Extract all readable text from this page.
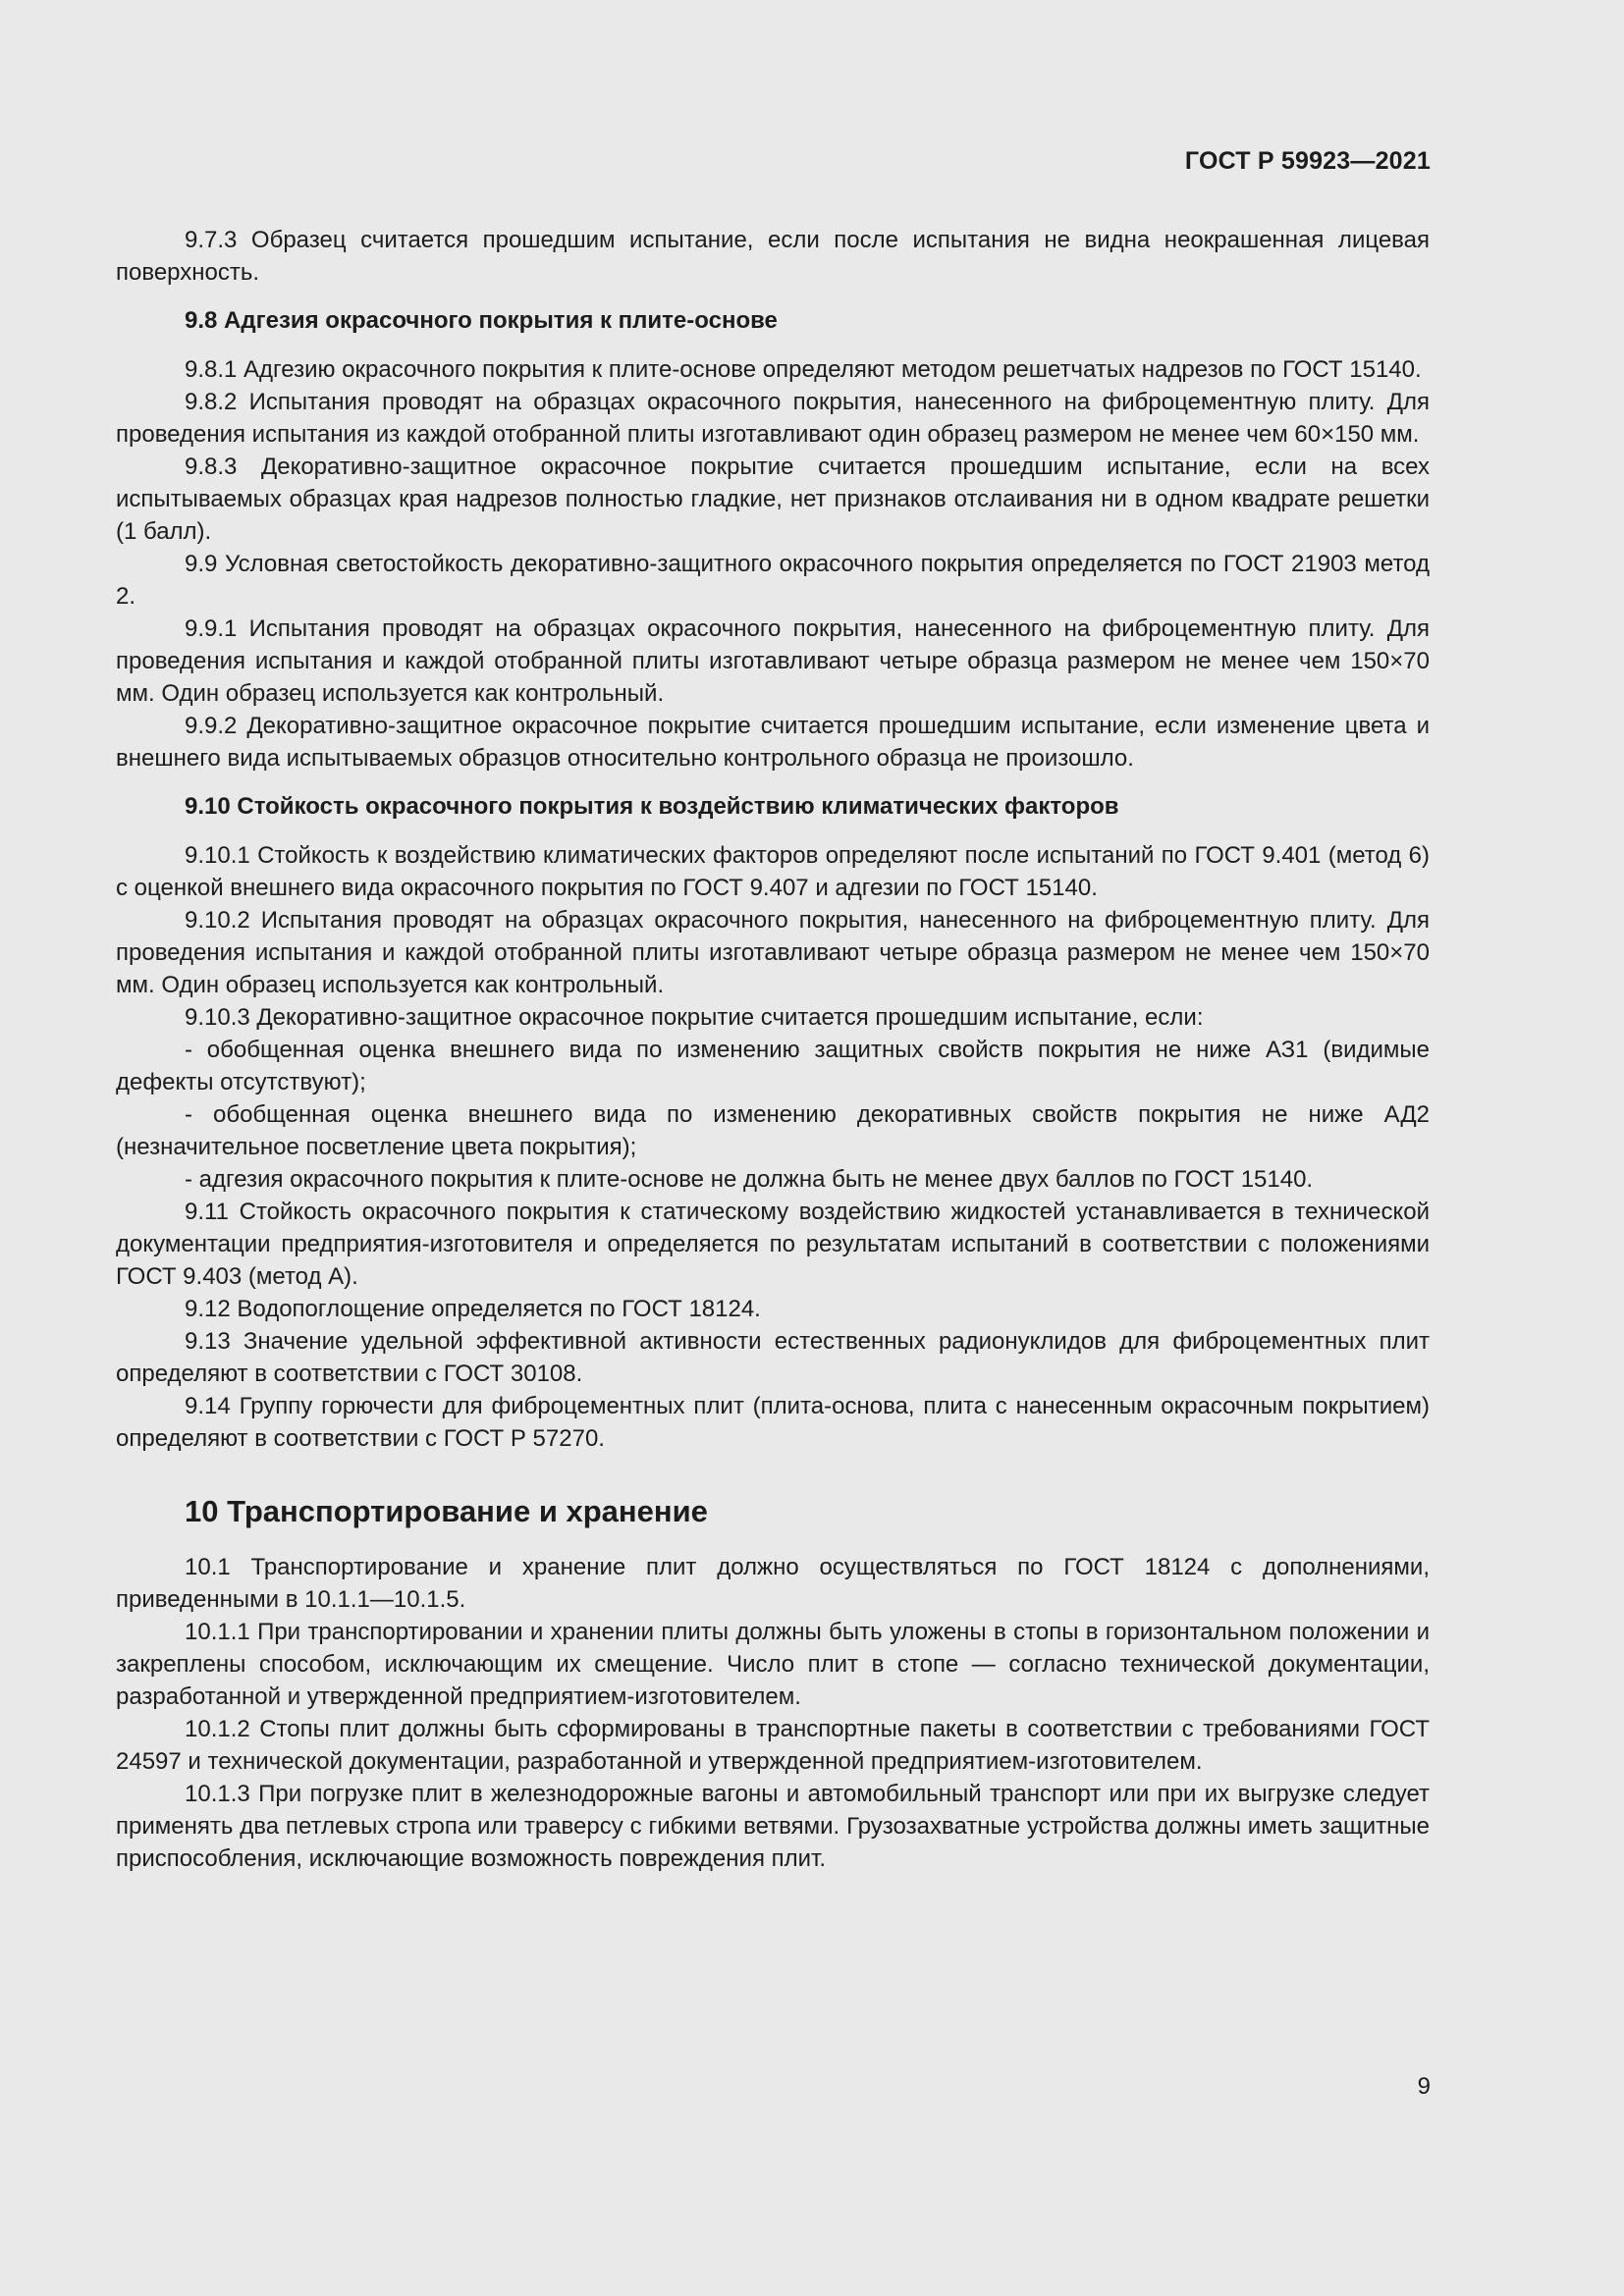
ГОСТ Р 59923—2021

9.7.3 Образец считается прошедшим испытание, если после испытания не видна неокрашенная лицевая поверхность.

9.8 Адгезия окрасочного покрытия к плите-основе

9.8.1 Адгезию окрасочного покрытия к плите-основе определяют методом решетчатых надрезов по ГОСТ 15140.

9.8.2 Испытания проводят на образцах окрасочного покрытия, нанесенного на фиброцементную плиту. Для проведения испытания из каждой отобранной плиты изготавливают один образец размером не менее чем 60×150 мм.

9.8.3 Декоративно-защитное окрасочное покрытие считается прошедшим испытание, если на всех испытываемых образцах края надрезов полностью гладкие, нет признаков отслаивания ни в одном квадрате решетки (1 балл).

9.9 Условная светостойкость декоративно-защитного окрасочного покрытия определяется по ГОСТ 21903 метод 2.

9.9.1 Испытания проводят на образцах окрасочного покрытия, нанесенного на фиброцементную плиту. Для проведения испытания и каждой отобранной плиты изготавливают четыре образца размером не менее чем 150×70 мм. Один образец используется как контрольный.

9.9.2 Декоративно-защитное окрасочное покрытие считается прошедшим испытание, если изменение цвета и внешнего вида испытываемых образцов относительно контрольного образца не произошло.

9.10 Стойкость окрасочного покрытия к воздействию климатических факторов

9.10.1 Стойкость к воздействию климатических факторов определяют после испытаний по ГОСТ 9.401 (метод 6) с оценкой внешнего вида окрасочного покрытия по ГОСТ 9.407 и адгезии по ГОСТ 15140.

9.10.2 Испытания проводят на образцах окрасочного покрытия, нанесенного на фиброцементную плиту. Для проведения испытания и каждой отобранной плиты изготавливают четыре образца размером не менее чем 150×70 мм. Один образец используется как контрольный.

9.10.3 Декоративно-защитное окрасочное покрытие считается прошедшим испытание, если:

- обобщенная оценка внешнего вида по изменению защитных свойств покрытия не ниже АЗ1 (видимые дефекты отсутствуют);

- обобщенная оценка внешнего вида по изменению декоративных свойств покрытия не ниже АД2 (незначительное посветление цвета покрытия);

- адгезия окрасочного покрытия к плите-основе не должна быть не менее двух баллов по ГОСТ 15140.

9.11 Стойкость окрасочного покрытия к статическому воздействию жидкостей устанавливается в технической документации предприятия-изготовителя и определяется по результатам испытаний в соответствии с положениями ГОСТ 9.403 (метод А).

9.12 Водопоглощение определяется по ГОСТ 18124.

9.13 Значение удельной эффективной активности естественных радионуклидов для фиброцементных плит определяют в соответствии с ГОСТ 30108.

9.14 Группу горючести для фиброцементных плит (плита-основа, плита с нанесенным окрасочным покрытием) определяют в соответствии с ГОСТ Р 57270.

10 Транспортирование и хранение

10.1 Транспортирование и хранение плит должно осуществляться по ГОСТ 18124 с дополнениями, приведенными в 10.1.1—10.1.5.

10.1.1 При транспортировании и хранении плиты должны быть уложены в стопы в горизонтальном положении и закреплены способом, исключающим их смещение. Число плит в стопе — согласно технической документации, разработанной и утвержденной предприятием-изготовителем.

10.1.2 Стопы плит должны быть сформированы в транспортные пакеты в соответствии с требованиями ГОСТ 24597 и технической документации, разработанной и утвержденной предприятием-изготовителем.

10.1.3 При погрузке плит в железнодорожные вагоны и автомобильный транспорт или при их выгрузке следует применять два петлевых стропа или траверсу с гибкими ветвями. Грузозахватные устройства должны иметь защитные приспособления, исключающие возможность повреждения плит.

9
